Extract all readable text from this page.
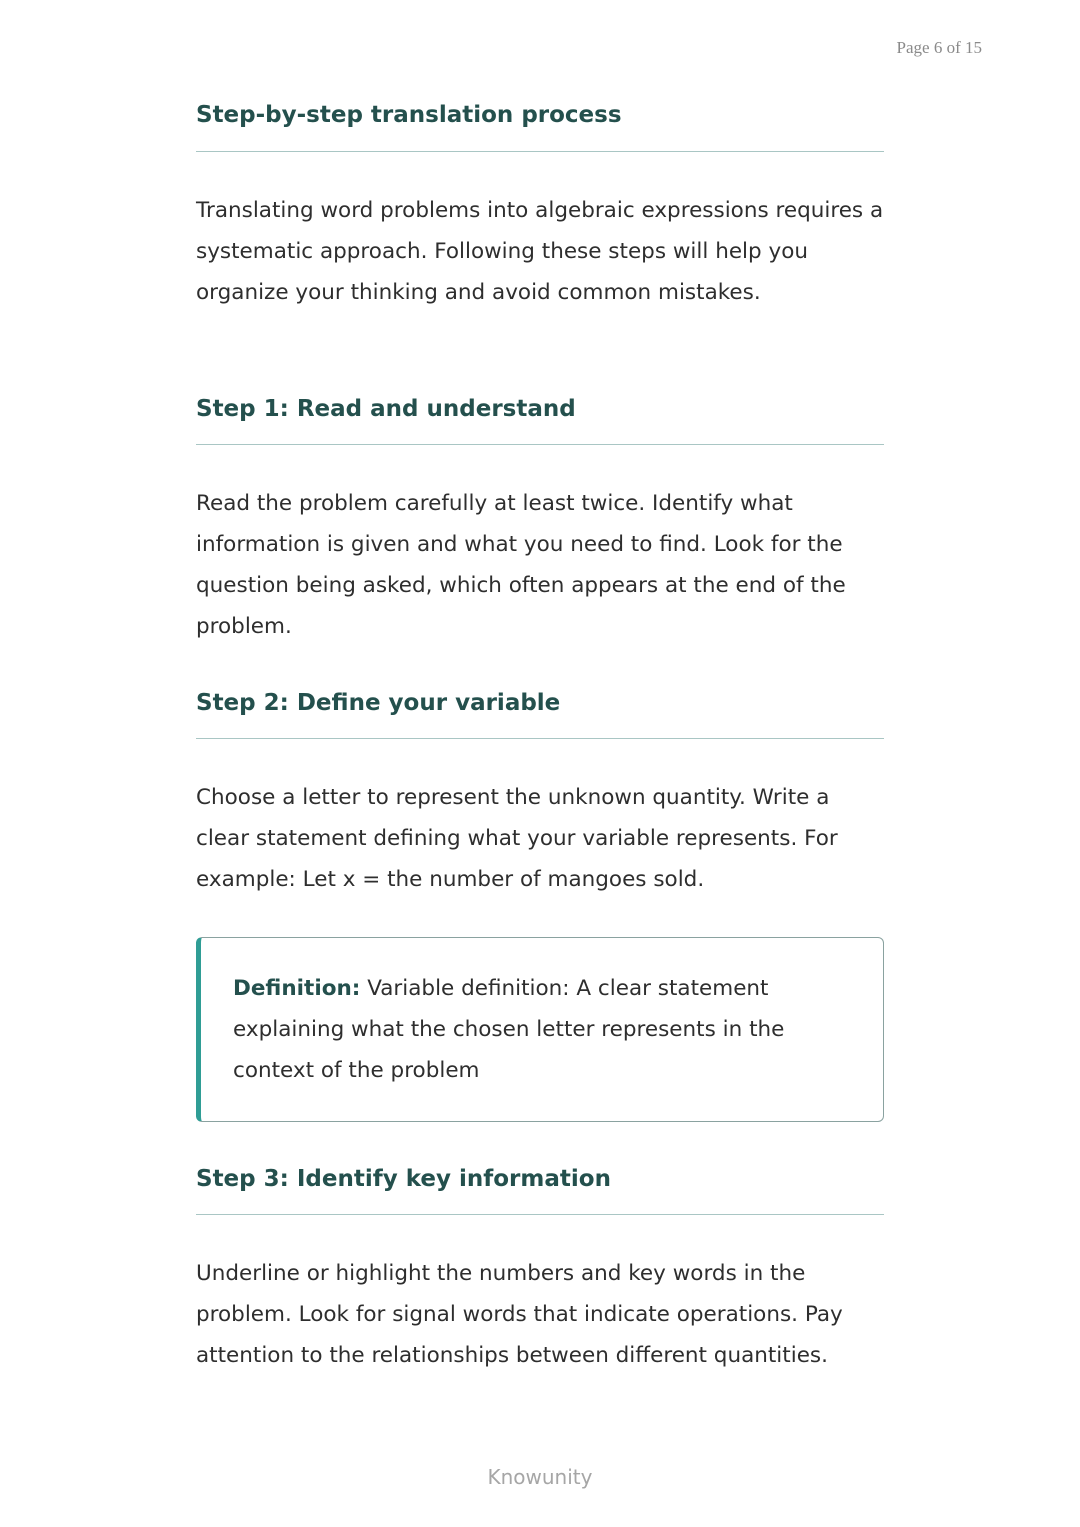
Page 6 of 15
Step-by-step translation process

Translating word problems into algebraic expressions requires a systematic approach. Following these steps will help you organize your thinking and avoid common mistakes.

Step 1: Read and understand

Read the problem carefully at least twice. Identify what information is given and what you need to find. Look for the question being asked, which often appears at the end of the problem.

Step 2: Define your variable

Choose a letter to represent the unknown quantity. Write a clear statement defining what your variable represents. For example: Let x = the number of mangoes sold.

Definition: Variable definition: A clear statement explaining what the chosen letter represents in the context of the problem

Step 3: Identify key information

Underline or highlight the numbers and key words in the problem. Look for signal words that indicate operations. Pay attention to the relationships between different quantities.

Knowunity
